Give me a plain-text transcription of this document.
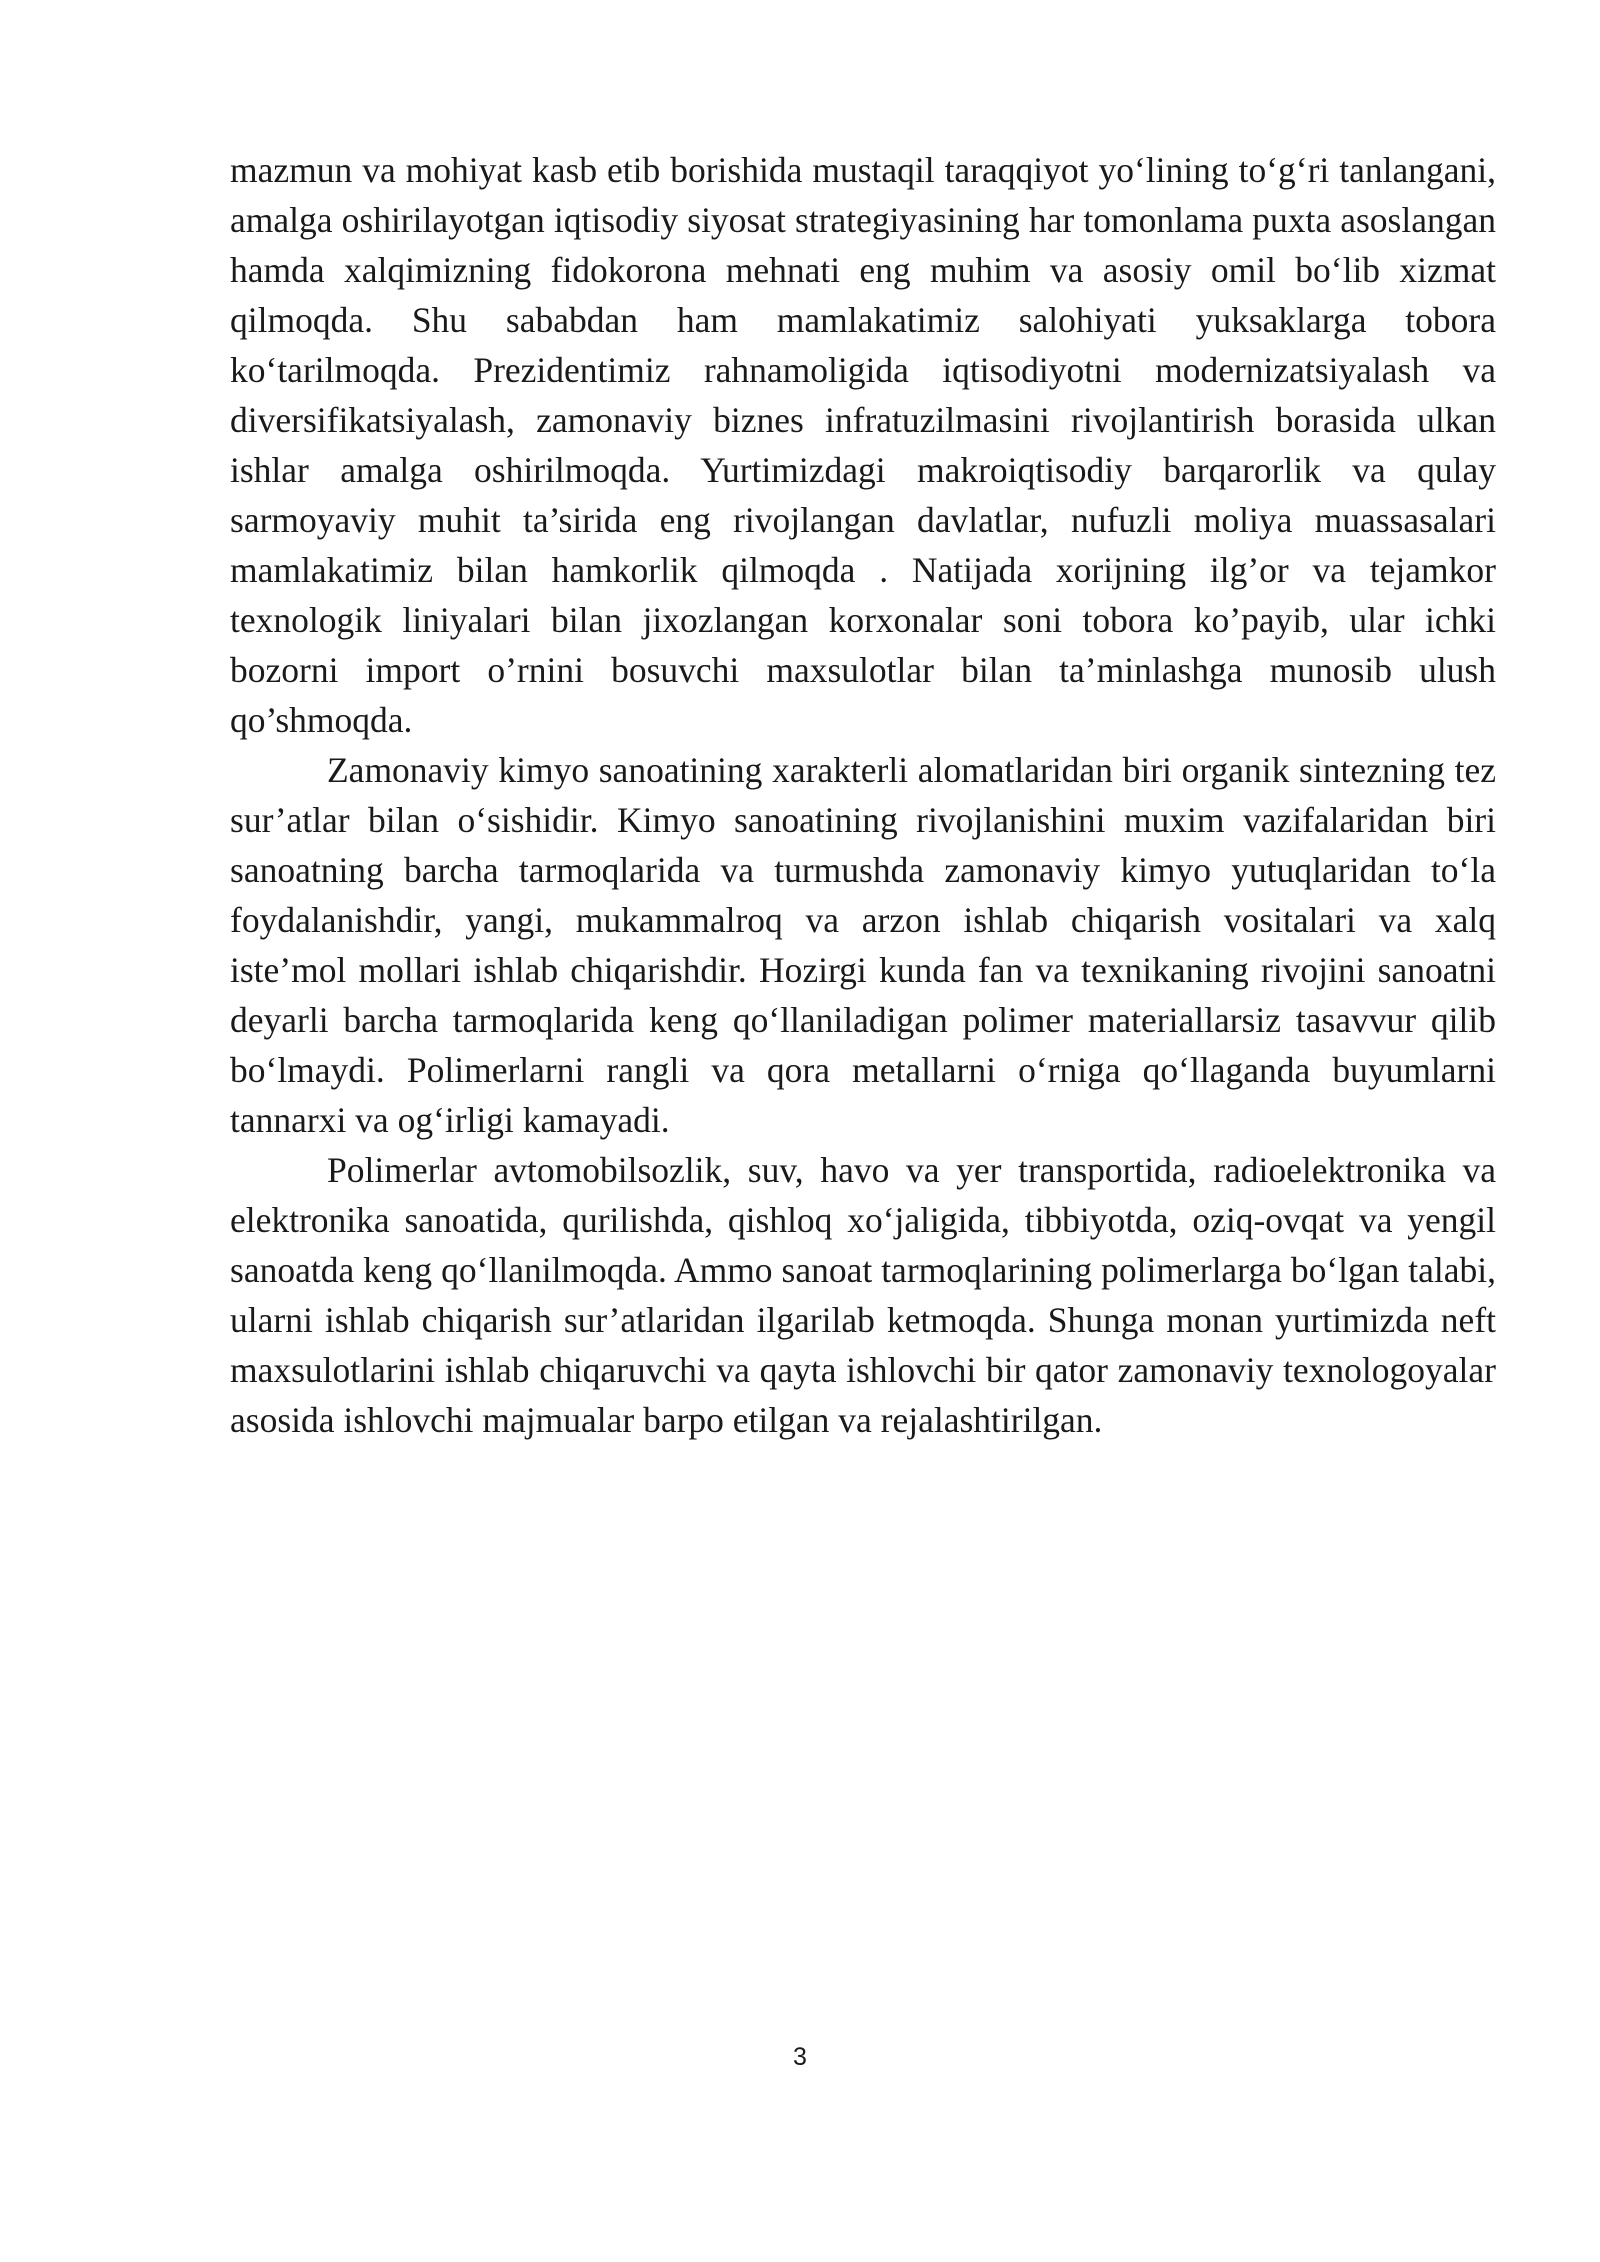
mazmun va mohiyat kasb etib borishida mustaqil taraqqiyot yo‘lining to‘g‘ri tanlangani, amalga oshirilayotgan iqtisodiy siyosat strategiyasining har tomonlama puxta asoslangan hamda xalqimizning fidokorona mehnati eng muhim va asosiy omil bo‘lib xizmat qilmoqda. Shu sababdan ham mamlakatimiz salohiyati yuksaklarga tobora ko‘tarilmoqda. Prezidentimiz rahnamoligida iqtisodiyotni modernizatsiyalash va diversifikatsiyalash, zamonaviy biznes infratuzilmasini rivojlantirish borasida ulkan ishlar amalga oshirilmoqda. Yurtimizdagi makroiqtisodiy barqarorlik va qulay sarmoyaviy muhit ta’sirida eng rivojlangan davlatlar, nufuzli moliya muassasalari mamlakatimiz bilan hamkorlik qilmoqda . Natijada xorijning ilg’or va tejamkor texnologik liniyalari bilan jixozlangan korxonalar soni tobora ko’payib, ular ichki bozorni import o’rnini bosuvchi maxsulotlar bilan ta’minlashga munosib ulush qo’shmoqda.

Zamonaviy kimyo sanoatining xarakterli alomatlaridan biri organik sintezning tez sur’atlar bilan o‘sishidir. Kimyo sanoatining rivojlanishini muxim vazifalaridan biri sanoatning barcha tarmoqlarida va turmushda zamonaviy kimyo yutuqlaridan to‘la foydalanishdir, yangi, mukammalroq va arzon ishlab chiqarish vositalari va xalq iste’mol mollari ishlab chiqarishdir. Hozirgi kunda fan va texnikaning rivojini sanoatni deyarli barcha tarmoqlarida keng qo‘llaniladigan polimer materiallarsiz tasavvur qilib bo‘lmaydi. Polimerlarni rangli va qora metallarni o‘rniga qo‘llaganda buyumlarni tannarxi va og‘irligi kamayadi.

Polimerlar avtomobilsozlik, suv, havo va yer transportida, radioelektronika va elektronika sanoatida, qurilishda, qishloq xo‘jaligida, tibbiyotda, oziq-ovqat va yengil sanoatda keng qo‘llanilmoqda. Ammo sanoat tarmoqlarining polimerlarga bo‘lgan talabi, ularni ishlab chiqarish sur’atlaridan ilgarilab ketmoqda. Shunga monan yurtimizda neft maxsulotlarini ishlab chiqaruvchi va qayta ishlovchi bir qator zamonaviy texnologoyalar asosida ishlovchi majmualar barpo etilgan va rejalashtirilgan.

3
